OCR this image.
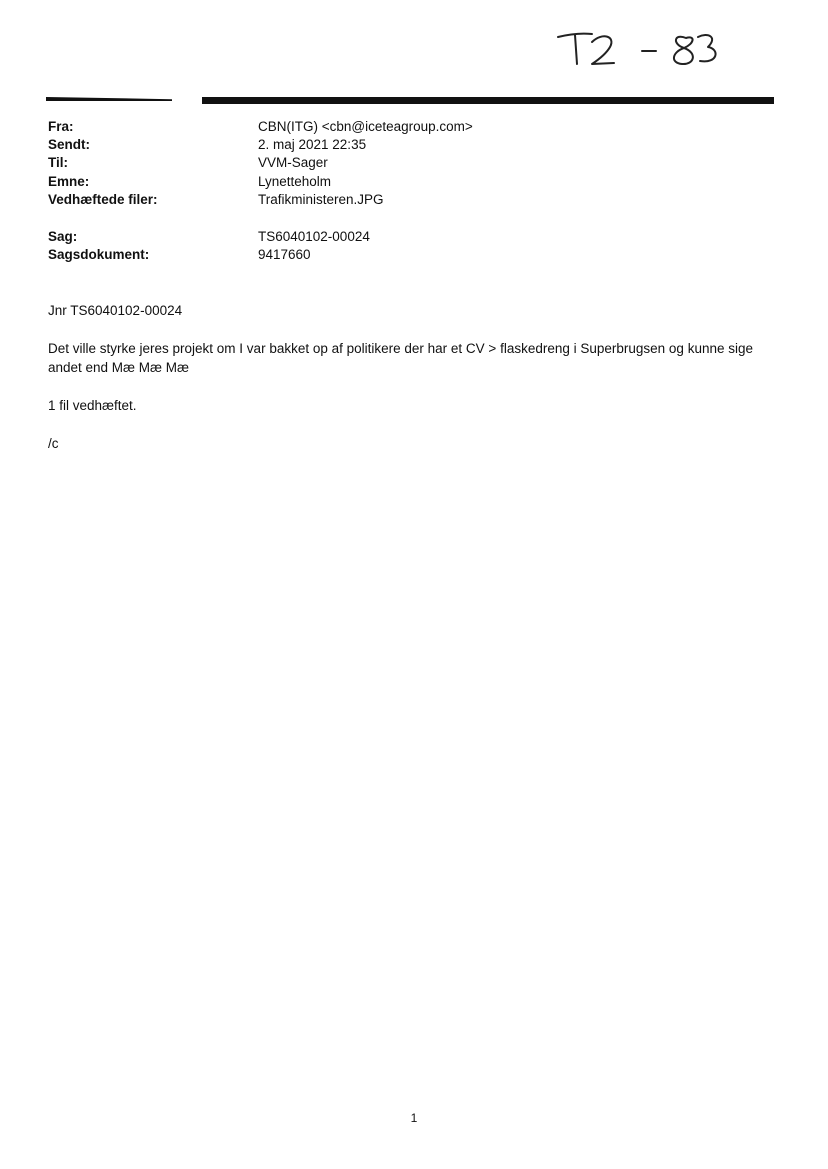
Fra:	CBN(ITG) <cbn@iceteagroup.com>
Sendt:	2. maj 2021 22:35
Til:	VVM-Sager
Emne:	Lynetteholm
Vedhæftede filer:	Trafikministeren.JPG
Sag:	TS6040102-00024
Sagsdokument:	9417660

Jnr TS6040102-00024

Det ville styrke jeres projekt om I var bakket op af politikere der har et CV > flaskedreng i Superbrugsen og kunne sige andet end Mæ Mæ Mæ

1 fil vedhæftet.

/c

1
